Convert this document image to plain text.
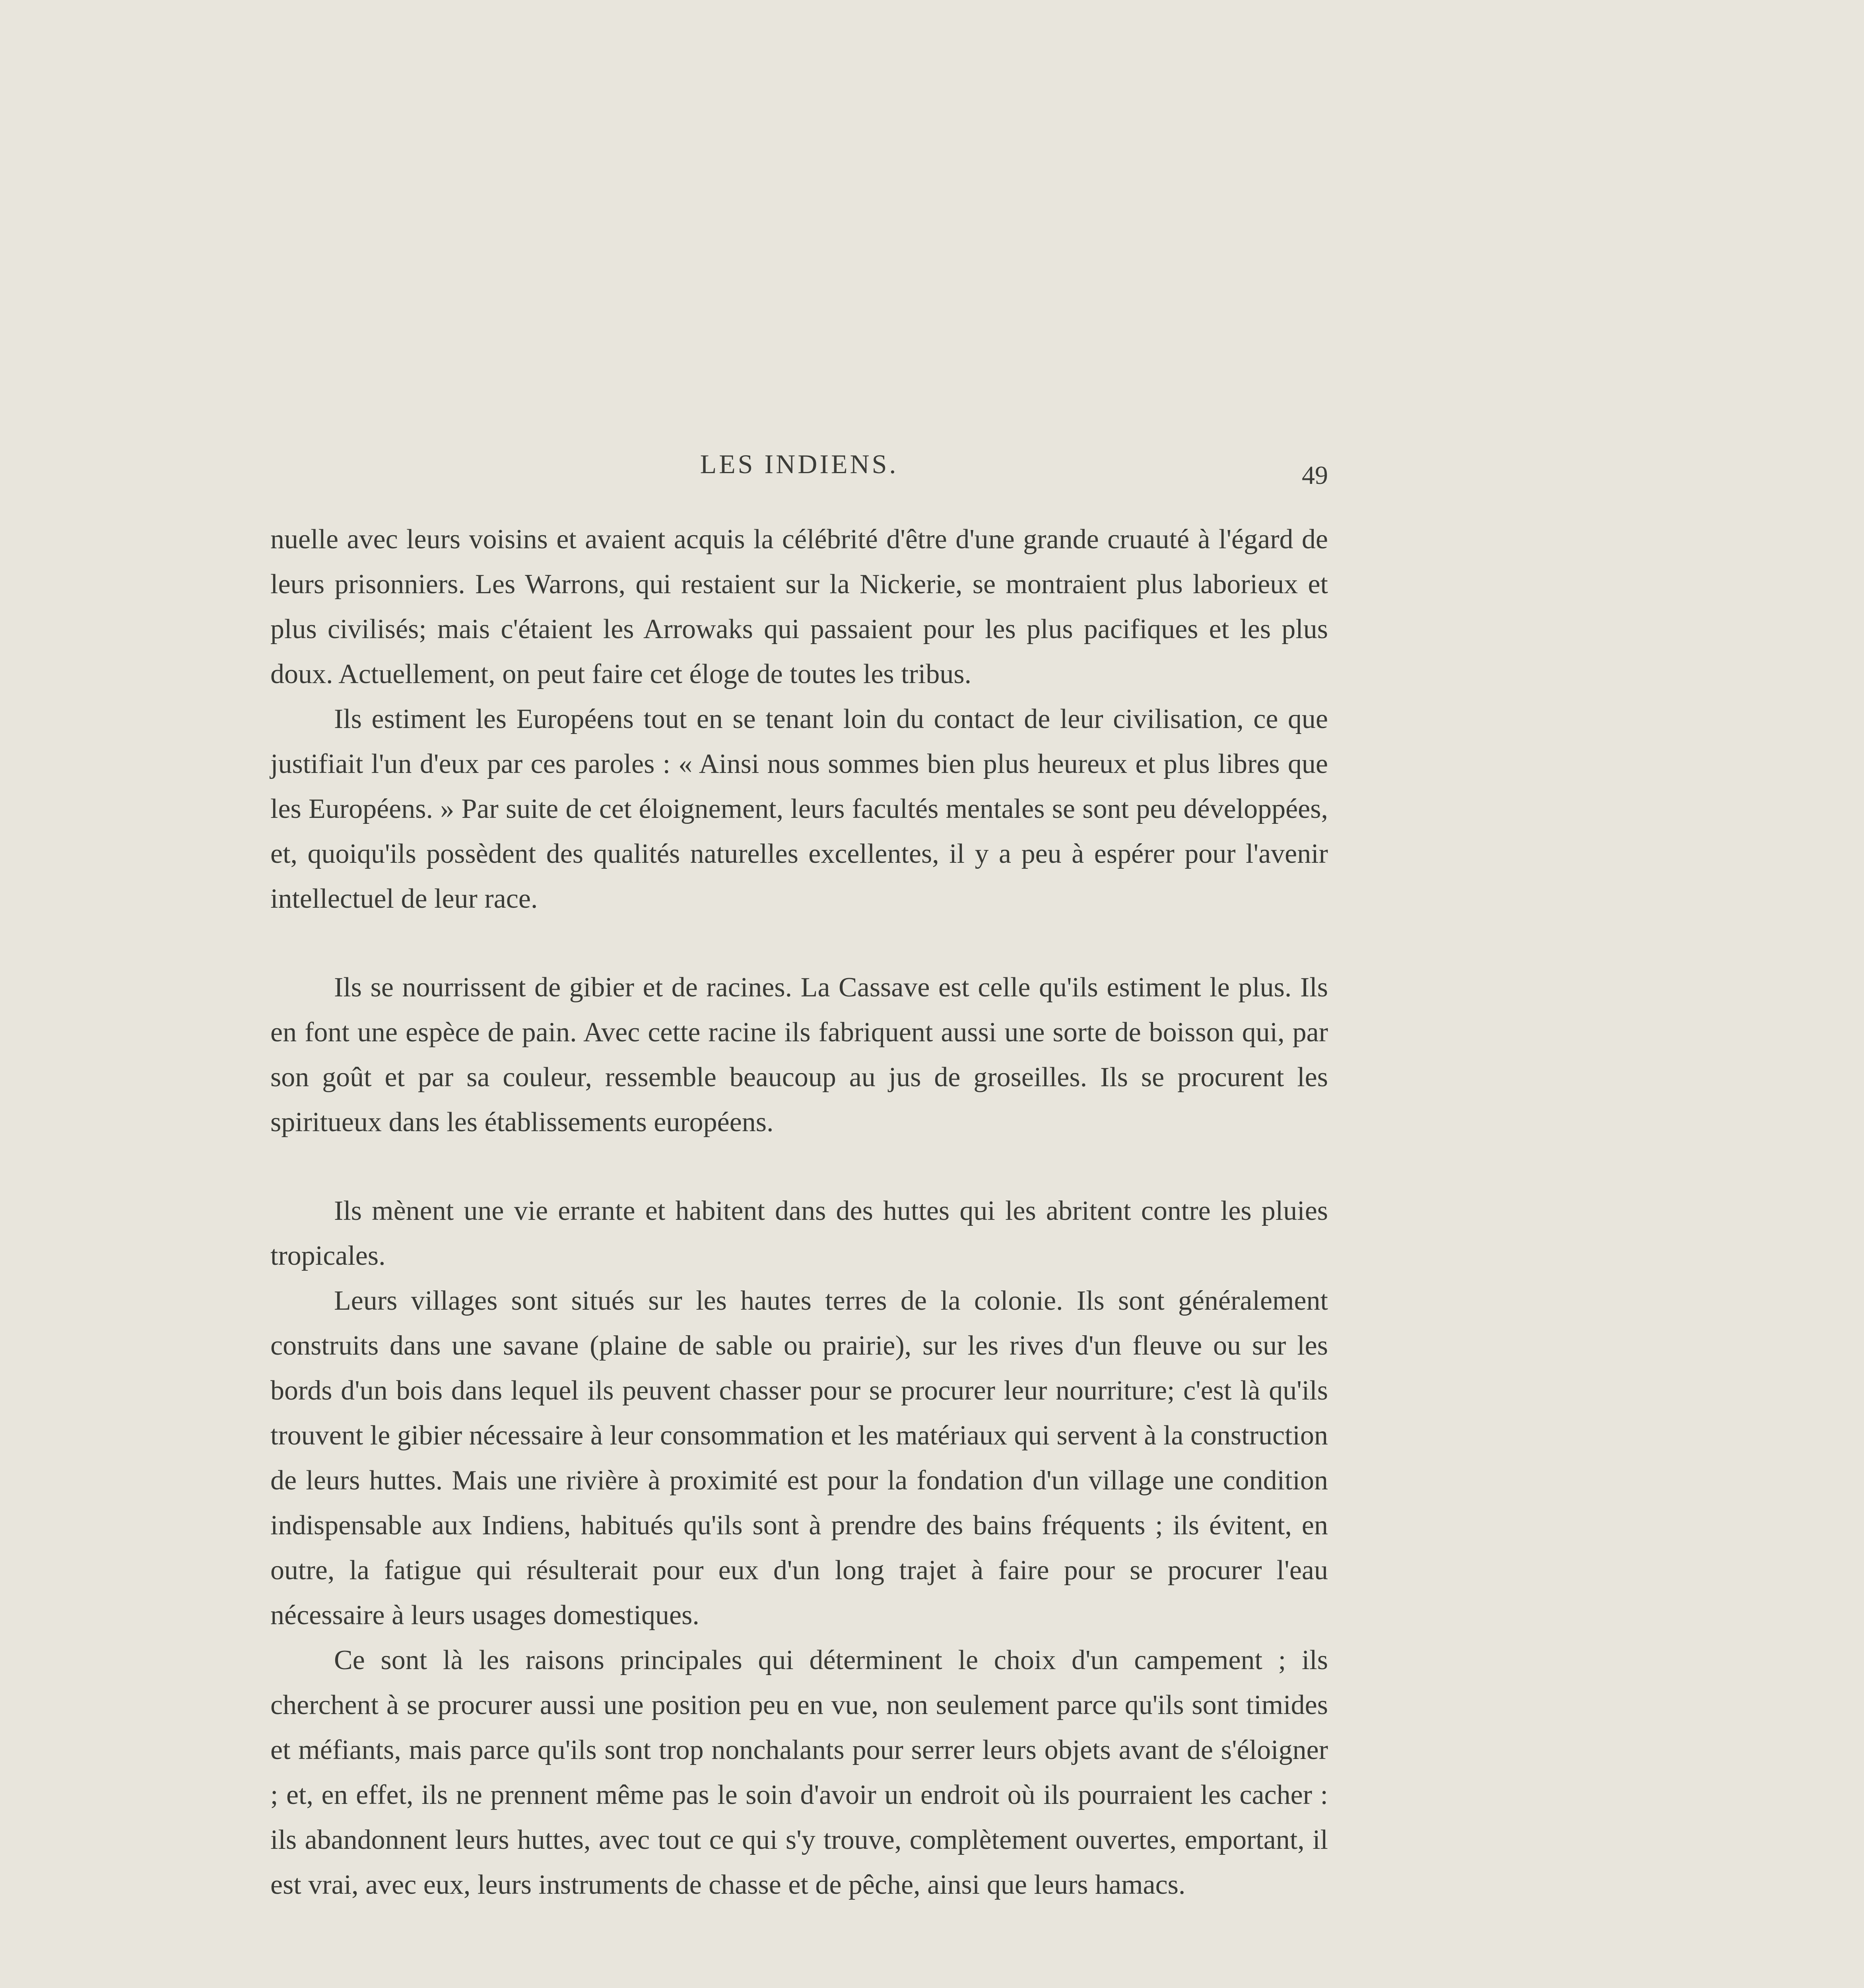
LES INDIENS.	49

nuelle avec leurs voisins et avaient acquis la célébrité d'être d'une grande cruauté à l'égard de leurs prisonniers. Les Warrons, qui restaient sur la Nickerie, se montraient plus laborieux et plus civilisés; mais c'étaient les Arrowaks qui passaient pour les plus pacifiques et les plus doux. Actuellement, on peut faire cet éloge de toutes les tribus.

Ils estiment les Européens tout en se tenant loin du contact de leur civilisation, ce que justifiait l'un d'eux par ces paroles : « Ainsi nous sommes bien plus heureux et plus libres que les Européens. » Par suite de cet éloignement, leurs facultés mentales se sont peu développées, et, quoiqu'ils possèdent des qualités naturelles excellentes, il y a peu à espérer pour l'avenir intellectuel de leur race.

Ils se nourrissent de gibier et de racines. La Cassave est celle qu'ils estiment le plus. Ils en font une espèce de pain. Avec cette racine ils fabriquent aussi une sorte de boisson qui, par son goût et par sa couleur, ressemble beaucoup au jus de groseilles. Ils se procurent les spiritueux dans les établissements européens.

Ils mènent une vie errante et habitent dans des huttes qui les abritent contre les pluies tropicales.

Leurs villages sont situés sur les hautes terres de la colonie. Ils sont généralement construits dans une savane (plaine de sable ou prairie), sur les rives d'un fleuve ou sur les bords d'un bois dans lequel ils peuvent chasser pour se procurer leur nourriture; c'est là qu'ils trouvent le gibier nécessaire à leur consommation et les matériaux qui servent à la construction de leurs huttes. Mais une rivière à proximité est pour la fondation d'un village une condition indispensable aux Indiens, habitués qu'ils sont à prendre des bains fréquents ; ils évitent, en outre, la fatigue qui résulterait pour eux d'un long trajet à faire pour se procurer l'eau nécessaire à leurs usages domestiques.

Ce sont là les raisons principales qui déterminent le choix d'un campement ; ils cherchent à se procurer aussi une position peu en vue, non seulement parce qu'ils sont timides et méfiants, mais parce qu'ils sont trop nonchalants pour serrer leurs objets avant de s'éloigner ; et, en effet, ils ne prennent même pas le soin d'avoir un endroit où ils pourraient les cacher : ils abandonnent leurs huttes, avec tout ce qui s'y trouve, complètement ouvertes, emportant, il est vrai, avec eux, leurs instruments de chasse et de pêche, ainsi que leurs hamacs.
